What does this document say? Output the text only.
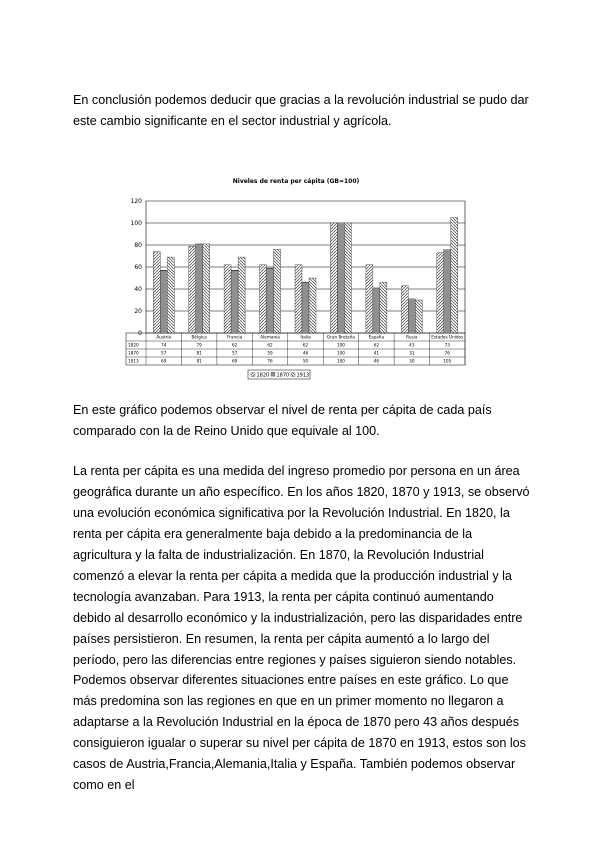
En conclusión podemos deducir que gracias a la revolución industrial se pudo dar este cambio significante en el sector industrial y agrícola.

Niveles de renta per cápita (GB=100)
0
20
40
60
80
100
120
Austria	Bélgica	Francia	Alemania	Italia	Gran Bretaña	España	Rusia	Estados Unidos
1820	74	79	62	62	62	100	62	43	73
1870	57	81	57	59	46	100	41	31	76
1913	69	81	69	76	50	100	46	30	105
1820 1870 1913

En este gráfico podemos observar el nivel de renta per cápita de cada país comparado con la de Reino Unido que equivale al 100.

La renta per cápita es una medida del ingreso promedio por persona en un área geográfica durante un año específico. En los años 1820, 1870 y 1913, se observó una evolución económica significativa por la Revolución Industrial. En 1820, la renta per cápita era generalmente baja debido a la predominancia de la agricultura y la falta de industrialización. En 1870, la Revolución Industrial comenzó a elevar la renta per cápita a medida que la producción industrial y la tecnología avanzaban. Para 1913, la renta per cápita continuó aumentando debido al desarrollo económico y la industrialización, pero las disparidades entre países persistieron. En resumen, la renta per cápita aumentó a lo largo del período, pero las diferencias entre regiones y países siguieron siendo notables.

Podemos observar diferentes situaciones entre países en este gráfico. Lo que más predomina son las regiones en que en un primer momento no llegaron a adaptarse a la Revolución Industrial en la época de 1870 pero 43 años después consiguieron igualar o superar su nivel per cápita de 1870 en 1913, estos son los casos de Austria,Francia,Alemania,Italia y España. También podemos observar como en el
